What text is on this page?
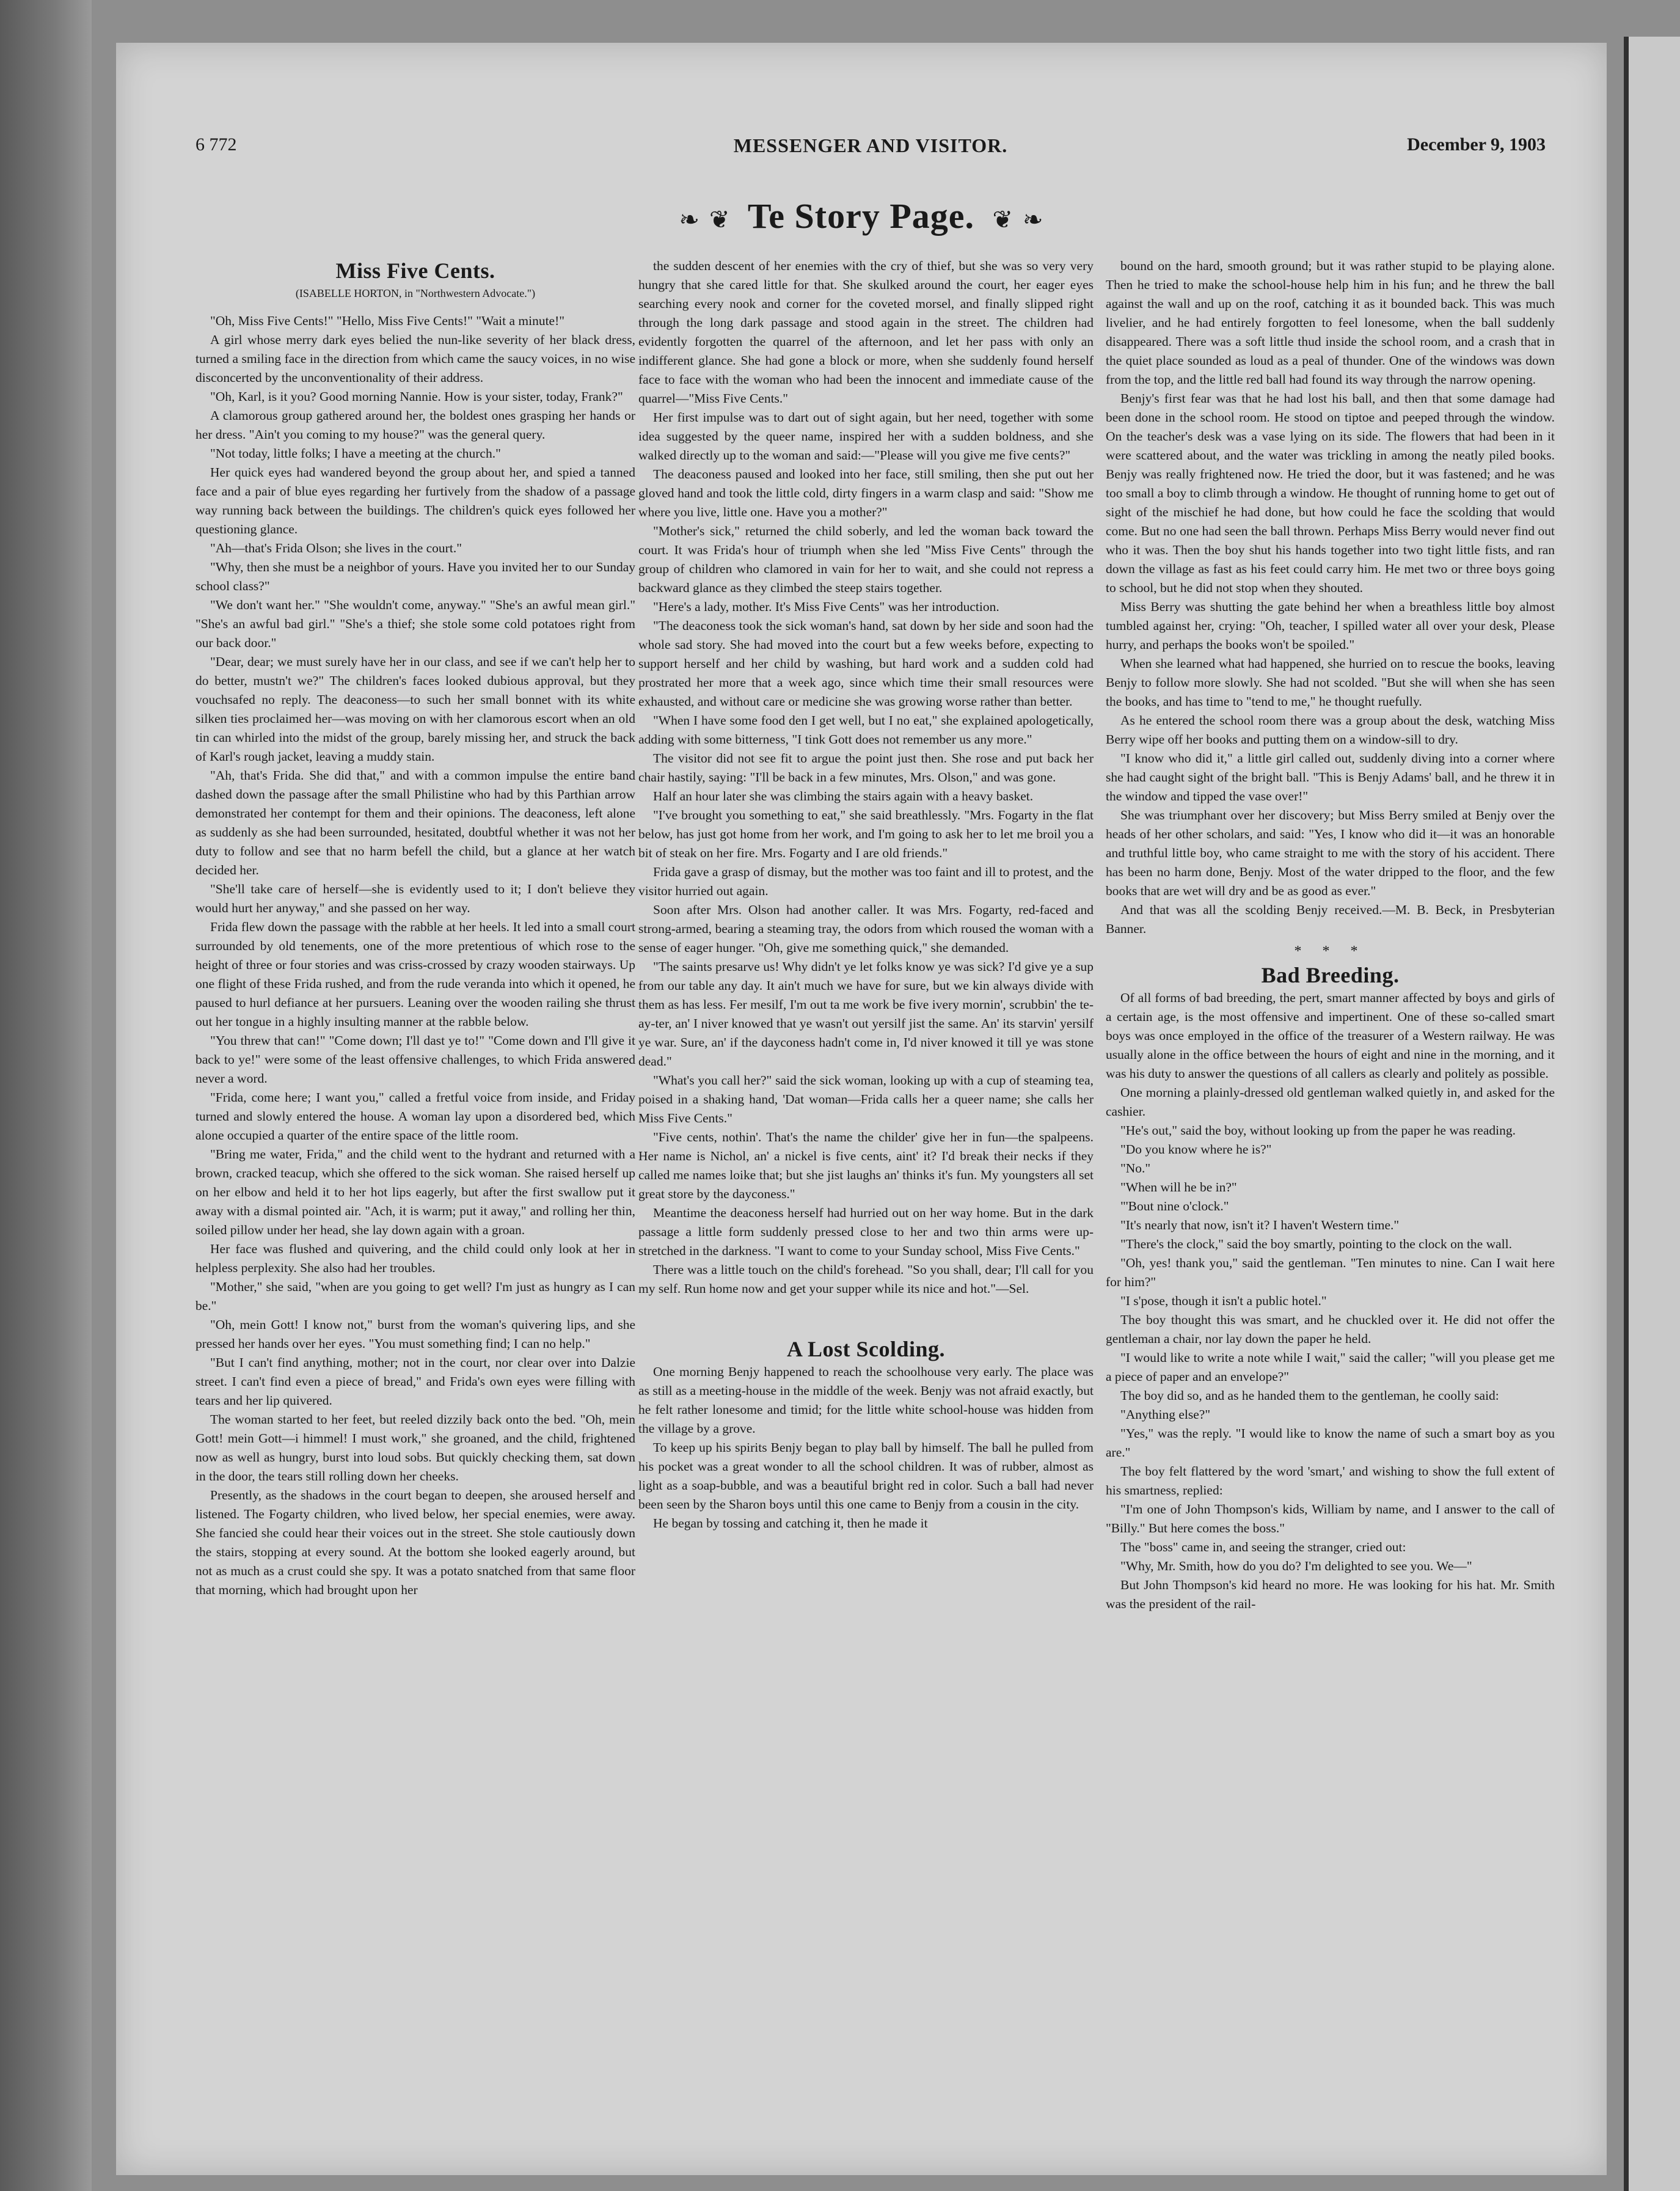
6 772	MESSENGER AND VISITOR.	December 9, 1903
❧ ❦ Te Story Page. ❦ ❧
Miss Five Cents.
(ISABELLE HORTON, in "Northwestern Advocate.")

"Oh, Miss Five Cents!" "Hello, Miss Five Cents!" "Wait a minute!"

A girl whose merry dark eyes belied the nun-like severity of her black dress, turned a smiling face in the direction from which came the saucy voices, in no wise disconcerted by the unconventionality of their address.

"Oh, Karl, is it you? Good morning Nannie. How is your sister, today, Frank?"

A clamorous group gathered around her, the boldest ones grasping her hands or her dress. "Ain't you coming to my house?" was the general query.

"Not today, little folks; I have a meeting at the church."

Her quick eyes had wandered beyond the group about her, and spied a tanned face and a pair of blue eyes regarding her furtively from the shadow of a passage way running back between the buildings. The children's quick eyes followed her questioning glance.

"Ah—that's Frida Olson; she lives in the court."

"Why, then she must be a neighbor of yours. Have you invited her to our Sunday school class?"

"We don't want her." "She wouldn't come, anyway." "She's an awful mean girl." "She's an awful bad girl." "She's a thief; she stole some cold potatoes right from our back door."

"Dear, dear; we must surely have her in our class, and see if we can't help her to do better, mustn't we?" The children's faces looked dubious approval, but they vouchsafed no reply. The deaconess—to such her small bonnet with its white silken ties proclaimed her—was moving on with her clamorous escort when an old tin can whirled into the midst of the group, barely missing her, and struck the back of Karl's rough jacket, leaving a muddy stain.

"Ah, that's Frida. She did that," and with a common impulse the entire band dashed down the passage after the small Philistine who had by this Parthian arrow demonstrated her contempt for them and their opinions. The deaconess, left alone as suddenly as she had been surrounded, hesitated, doubtful whether it was not her duty to follow and see that no harm befell the child, but a glance at her watch decided her.

"She'll take care of herself—she is evidently used to it; I don't believe they would hurt her anyway," and she passed on her way.

Frida flew down the passage with the rabble at her heels. It led into a small court surrounded by old tenements, one of the more pretentious of which rose to the height of three or four stories and was criss-crossed by crazy wooden stairways. Up one flight of these Frida rushed, and from the rude veranda into which it opened, he paused to hurl defiance at her pursuers. Leaning over the wooden railing she thrust out her tongue in a highly insulting manner at the rabble below.

"You threw that can!" "Come down; I'll dast ye to!" "Come down and I'll give it back to ye!" were some of the least offensive challenges, to which Frida answered never a word.

"Frida, come here; I want you," called a fretful voice from inside, and Friday turned and slowly entered the house. A woman lay upon a disordered bed, which alone occupied a quarter of the entire space of the little room.

"Bring me water, Frida," and the child went to the hydrant and returned with a brown, cracked teacup, which she offered to the sick woman. She raised herself up on her elbow and held it to her hot lips eagerly, but after the first swallow put it away with a dismal pointed air. "Ach, it is warm; put it away," and rolling her thin, soiled pillow under her head, she lay down again with a groan.

Her face was flushed and quivering, and the child could only look at her in helpless perplexity. She also had her troubles.

"Mother," she said, "when are you going to get well? I'm just as hungry as I can be."

"Oh, mein Gott! I know not," burst from the woman's quivering lips, and she pressed her hands over her eyes. "You must something find; I can no help."

"But I can't find anything, mother; not in the court, nor clear over into Dalzie street. I can't find even a piece of bread," and Frida's own eyes were filling with tears and her lip quivered.

The woman started to her feet, but reeled dizzily back onto the bed. "Oh, mein Gott! mein Gott—i himmel! I must work," she groaned, and the child, frightened now as well as hungry, burst into loud sobs. But quickly checking them, sat down in the door, the tears still rolling down her cheeks.

Presently, as the shadows in the court began to deepen, she aroused herself and listened. The Fogarty children, who lived below, her special enemies, were away. She fancied she could hear their voices out in the street. She stole cautiously down the stairs, stopping at every sound. At the bottom she looked eagerly around, but not as much as a crust could she spy. It was a potato snatched from that same floor that morning, which had brought upon her

the sudden descent of her enemies with the cry of thief, but she was so very very hungry that she cared little for that. She skulked around the court, her eager eyes searching every nook and corner for the coveted morsel, and finally slipped right through the long dark passage and stood again in the street. The children had evidently forgotten the quarrel of the afternoon, and let her pass with only an indifferent glance. She had gone a block or more, when she suddenly found herself face to face with the woman who had been the innocent and immediate cause of the quarrel—"Miss Five Cents."

Her first impulse was to dart out of sight again, but her need, together with some idea suggested by the queer name, inspired her with a sudden boldness, and she walked directly up to the woman and said:—"Please will you give me five cents?"

The deaconess paused and looked into her face, still smiling, then she put out her gloved hand and took the little cold, dirty fingers in a warm clasp and said: "Show me where you live, little one. Have you a mother?"

"Mother's sick," returned the child soberly, and led the woman back toward the court. It was Frida's hour of triumph when she led "Miss Five Cents" through the group of children who clamored in vain for her to wait, and she could not repress a backward glance as they climbed the steep stairs together.

"Here's a lady, mother. It's Miss Five Cents" was her introduction.

"The deaconess took the sick woman's hand, sat down by her side and soon had the whole sad story. She had moved into the court but a few weeks before, expecting to support herself and her child by washing, but hard work and a sudden cold had prostrated her more that a week ago, since which time their small resources were exhausted, and without care or medicine she was growing worse rather than better.

"When I have some food den I get well, but I no eat," she explained apologetically, adding with some bitterness, "I tink Gott does not remember us any more."

The visitor did not see fit to argue the point just then. She rose and put back her chair hastily, saying: "I'll be back in a few minutes, Mrs. Olson," and was gone.

Half an hour later she was climbing the stairs again with a heavy basket.

"I've brought you something to eat," she said breathlessly. "Mrs. Fogarty in the flat below, has just got home from her work, and I'm going to ask her to let me broil you a bit of steak on her fire. Mrs. Fogarty and I are old friends."

Frida gave a grasp of dismay, but the mother was too faint and ill to protest, and the visitor hurried out again.

Soon after Mrs. Olson had another caller. It was Mrs. Fogarty, red-faced and strong-armed, bearing a steaming tray, the odors from which roused the woman with a sense of eager hunger. "Oh, give me something quick," she demanded.

"The saints presarve us! Why didn't ye let folks know ye was sick? I'd give ye a sup from our table any day. It ain't much we have for sure, but we kin always divide with them as has less. Fer mesilf, I'm out ta me work be five ivery mornin', scrubbin' the te-ay-ter, an' I niver knowed that ye wasn't out yersilf jist the same. An' its starvin' yersilf ye war. Sure, an' if the dayconess hadn't come in, I'd niver knowed it till ye was stone dead."

"What's you call her?" said the sick woman, looking up with a cup of steaming tea, poised in a shaking hand, 'Dat woman—Frida calls her a queer name; she calls her Miss Five Cents."

"Five cents, nothin'. That's the name the childer' give her in fun—the spalpeens. Her name is Nichol, an' a nickel is five cents, aint' it? I'd break their necks if they called me names loike that; but she jist laughs an' thinks it's fun. My youngsters all set great store by the dayconess."

Meantime the deaconess herself had hurried out on her way home. But in the dark passage a little form suddenly pressed close to her and two thin arms were up-stretched in the darkness. "I want to come to your Sunday school, Miss Five Cents."

There was a little touch on the child's forehead. "So you shall, dear; I'll call for you my self. Run home now and get your supper while its nice and hot."—Sel.

A Lost Scolding.

One morning Benjy happened to reach the schoolhouse very early. The place was as still as a meeting-house in the middle of the week. Benjy was not afraid exactly, but he felt rather lonesome and timid; for the little white school-house was hidden from the village by a grove.

To keep up his spirits Benjy began to play ball by himself. The ball he pulled from his pocket was a great wonder to all the school children. It was of rubber, almost as light as a soap-bubble, and was a beautiful bright red in color. Such a ball had never been seen by the Sharon boys until this one came to Benjy from a cousin in the city.

He began by tossing and catching it, then he made it

bound on the hard, smooth ground; but it was rather stupid to be playing alone. Then he tried to make the school-house help him in his fun; and he threw the ball against the wall and up on the roof, catching it as it bounded back. This was much livelier, and he had entirely forgotten to feel lonesome, when the ball suddenly disappeared. There was a soft little thud inside the school room, and a crash that in the quiet place sounded as loud as a peal of thunder. One of the windows was down from the top, and the little red ball had found its way through the narrow opening.

Benjy's first fear was that he had lost his ball, and then that some damage had been done in the school room. He stood on tiptoe and peeped through the window. On the teacher's desk was a vase lying on its side. The flowers that had been in it were scattered about, and the water was trickling in among the neatly piled books. Benjy was really frightened now. He tried the door, but it was fastened; and he was too small a boy to climb through a window. He thought of running home to get out of sight of the mischief he had done, but how could he face the scolding that would come. But no one had seen the ball thrown. Perhaps Miss Berry would never find out who it was. Then the boy shut his hands together into two tight little fists, and ran down the village as fast as his feet could carry him. He met two or three boys going to school, but he did not stop when they shouted.

Miss Berry was shutting the gate behind her when a breathless little boy almost tumbled against her, crying: "Oh, teacher, I spilled water all over your desk, Please hurry, and perhaps the books won't be spoiled."

When she learned what had happened, she hurried on to rescue the books, leaving Benjy to follow more slowly. She had not scolded. "But she will when she has seen the books, and has time to "tend to me," he thought ruefully.

As he entered the school room there was a group about the desk, watching Miss Berry wipe off her books and putting them on a window-sill to dry.

"I know who did it," a little girl called out, suddenly diving into a corner where she had caught sight of the bright ball. "This is Benjy Adams' ball, and he threw it in the window and tipped the vase over!"

She was triumphant over her discovery; but Miss Berry smiled at Benjy over the heads of her other scholars, and said: "Yes, I know who did it—it was an honorable and truthful little boy, who came straight to me with the story of his accident. There has been no harm done, Benjy. Most of the water dripped to the floor, and the few books that are wet will dry and be as good as ever."

And that was all the scolding Benjy received.—M. B. Beck, in Presbyterian Banner.

* * *
Bad Breeding.

Of all forms of bad breeding, the pert, smart manner affected by boys and girls of a certain age, is the most offensive and impertinent. One of these so-called smart boys was once employed in the office of the treasurer of a Western railway. He was usually alone in the office between the hours of eight and nine in the morning, and it was his duty to answer the questions of all callers as clearly and politely as possible.

One morning a plainly-dressed old gentleman walked quietly in, and asked for the cashier.

"He's out," said the boy, without looking up from the paper he was reading.

"Do you know where he is?"

"No."

"When will he be in?"

"'Bout nine o'clock."

"It's nearly that now, isn't it? I haven't Western time."

"There's the clock," said the boy smartly, pointing to the clock on the wall.

"Oh, yes! thank you," said the gentleman. "Ten minutes to nine. Can I wait here for him?"

"I s'pose, though it isn't a public hotel."

The boy thought this was smart, and he chuckled over it. He did not offer the gentleman a chair, nor lay down the paper he held.

"I would like to write a note while I wait," said the caller; "will you please get me a piece of paper and an envelope?"

The boy did so, and as he handed them to the gentleman, he coolly said:

"Anything else?"

"Yes," was the reply. "I would like to know the name of such a smart boy as you are."

The boy felt flattered by the word 'smart,' and wishing to show the full extent of his smartness, replied:

"I'm one of John Thompson's kids, William by name, and I answer to the call of "Billy." But here comes the boss."

The "boss" came in, and seeing the stranger, cried out:

"Why, Mr. Smith, how do you do? I'm delighted to see you. We—"

But John Thompson's kid heard no more. He was looking for his hat. Mr. Smith was the president of the rail-
